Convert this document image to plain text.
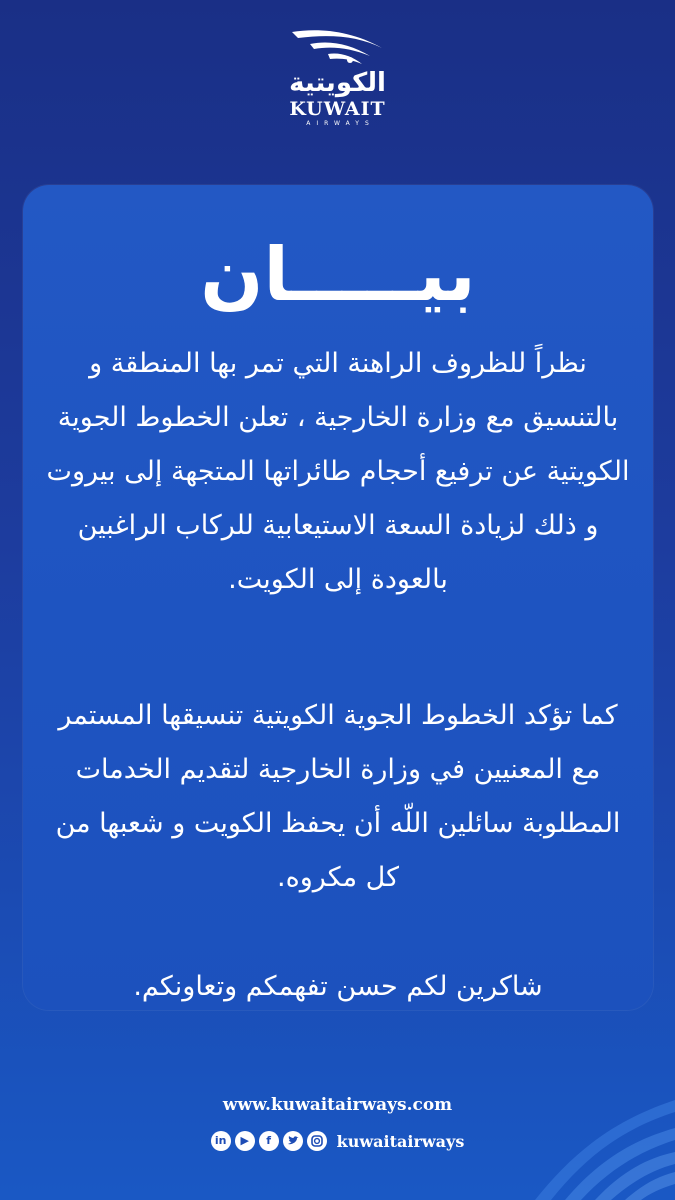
الكويتية
KUWAIT
AIRWAYS
بيـــــان
نظراً للظروف الراهنة التي تمر بها المنطقة و بالتنسيق مع وزارة الخارجية ، تعلن الخطوط الجوية الكويتية عن ترفيع أحجام طائراتها المتجهة إلى بيروت و ذلك لزيادة السعة الاستيعابية للركاب الراغبين بالعودة إلى الكويت.
كما تؤكد الخطوط الجوية الكويتية تنسيقها المستمر مع المعنيين في وزارة الخارجية لتقديم الخدمات المطلوبة سائلين اللّه أن يحفظ الكويت و شعبها من كل مكروه.
شاكرين لكم حسن تفهمكم وتعاونكم.
www.kuwaitairways.com
in	▶	f	kuwaitairways
